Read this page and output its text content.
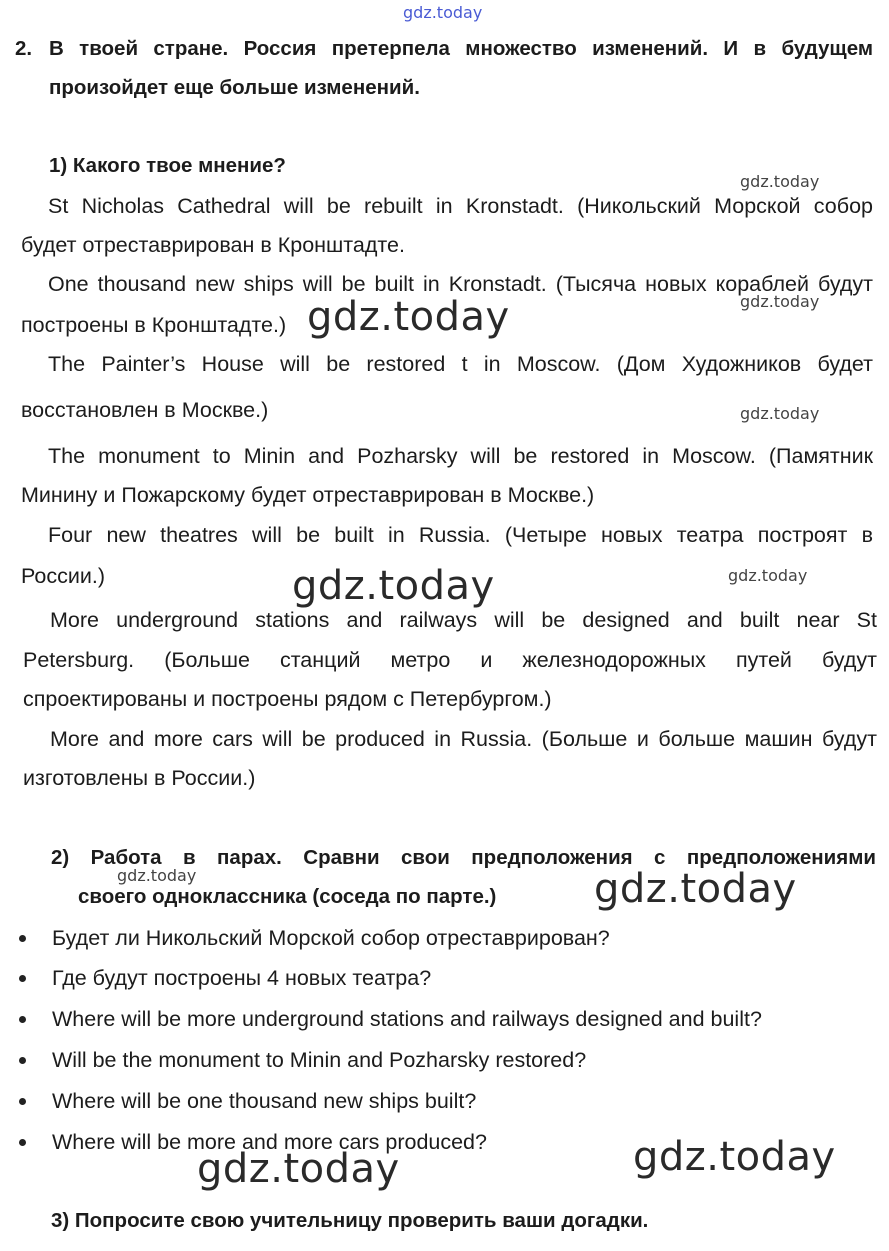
gdz.today
gdz.today
gdz.today
gdz.today
gdz.today
gdz.today
gdz.today
gdz.today
gdz.today
gdz.today	gdz.today
2. В твоей стране. Россия претерпела множество изменений. И в будущем
произойдет еще больше изменений.
1) Какого твое мнение?
St Nicholas Cathedral will be rebuilt in Kronstadt. (Никольский Морской собор
будет отреставрирован в Кронштадте.
One thousand new ships will be built in Kronstadt. (Тысяча новых кораблей будут
построены в Кронштадте.)
The Painter’s House will be restored t in Moscow. (Дом Художников будет
восстановлен в Москве.)
The monument to Minin and Pozharsky will be restored in Moscow. (Памятник
Минину и Пожарскому будет отреставрирован в Москве.)
Four new theatres will be built in Russia. (Четыре новых театра построят в
России.)
More underground stations and railways will be designed and built near St
Petersburg. (Больше станций метро и железнодорожных путей будут
спроектированы и построены рядом с Петербургом.)
More and more cars will be produced in Russia. (Больше и больше машин будут
изготовлены в России.)
2) Работа в парах. Сравни свои предположения с предположениями
своего одноклассника (соседа по парте.)
Будет ли Никольский Морской собор отреставрирован?
Где будут построены 4 новых театра?
Where will be more underground stations and railways designed and built?
Will be the monument to Minin and Pozharsky restored?
Where will be one thousand new ships built?
Where will be more and more cars produced?
3) Попросите свою учительницу проверить ваши догадки.
